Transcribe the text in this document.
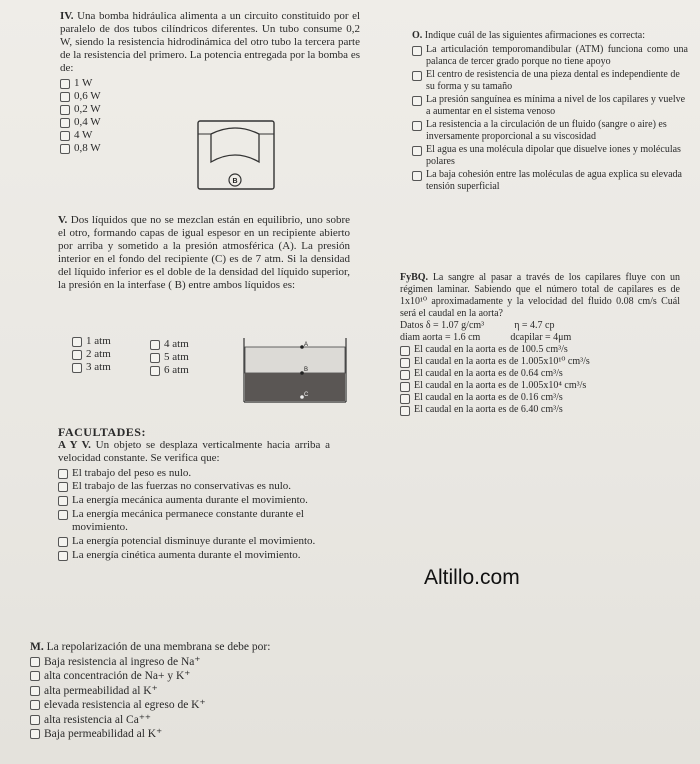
IV. Una bomba hidráulica alimenta a un circuito constituido por el paralelo de dos tubos cilíndricos diferentes. Un tubo consume 0,2 W, siendo la resistencia hidrodinámica del otro tubo la tercera parte de la resistencia del primero. La potencia entregada por la bomba es de:

1 W
0,6 W
0,2 W
0,4 W
4 W
0,8 W
B

V. Dos líquidos que no se mezclan están en equilibrio, uno sobre el otro, formando capas de igual espesor en un recipiente abierto por arriba y sometido a la presión atmosférica (A). La presión interior en el fondo del recipiente (C) es de 7 atm. Si la densidad del líquido inferior es el doble de la densidad del líquido superior, la presión en la interfase ( B) entre ambos líquidos es:

1 atm
2 atm
3 atm
4 atm
5 atm
6 atm
A
B
C

FACULTADES:

A Y V. Un objeto se desplaza verticalmente hacia arriba a velocidad constante. Se verifica que:

El trabajo del peso es nulo.
El trabajo de las fuerzas no conservativas es nulo.
La energía mecánica aumenta durante el movimiento.
La energía mecánica permanece constante durante el movimiento.
La energía potencial disminuye durante el movimiento.
La energía cinética aumenta durante el movimiento.

M. La repolarización de una membrana se debe por:

Baja resistencia al ingreso de Na⁺
alta concentración de Na+ y K⁺
alta permeabilidad al K⁺
elevada resistencia al egreso de K⁺
alta resistencia al Ca⁺⁺
Baja permeabilidad al K⁺

O. Indique cuál de las siguientes afirmaciones es correcta:

La articulación temporomandibular (ATM) funciona como una palanca de tercer grado porque no tiene apoyo
El centro de resistencia de una pieza dental es independiente de su forma y su tamaño
La presión sanguínea es mínima a nivel de los capilares y vuelve a aumentar en el sistema venoso
La resistencia a la circulación de un fluido (sangre o aire) es inversamente proporcional a su viscosidad
El agua es una molécula dipolar que disuelve iones y moléculas polares
La baja cohesión entre las moléculas de agua explica su elevada tensión superficial

FyBQ. La sangre al pasar a través de los capilares fluye con un régimen laminar. Sabiendo que el número total de capilares es de 1x10¹⁰ aproximadamente y la velocidad del fluido 0.08 cm/s Cuál será el caudal en la aorta?

Datos δ = 1.07 g/cm³	η = 4.7 cp
diam aorta = 1.6 cm	dcapilar = 4μm
El caudal en la aorta es de 100.5 cm³/s
El caudal en la aorta es de 1.005x10¹⁰ cm³/s
El caudal en la aorta es de 0.64 cm³/s
El caudal en la aorta es de 1.005x10⁴ cm³/s
El caudal en la aorta es de 0.16 cm³/s
El caudal en la aorta es de 6.40 cm³/s
Altillo.com
